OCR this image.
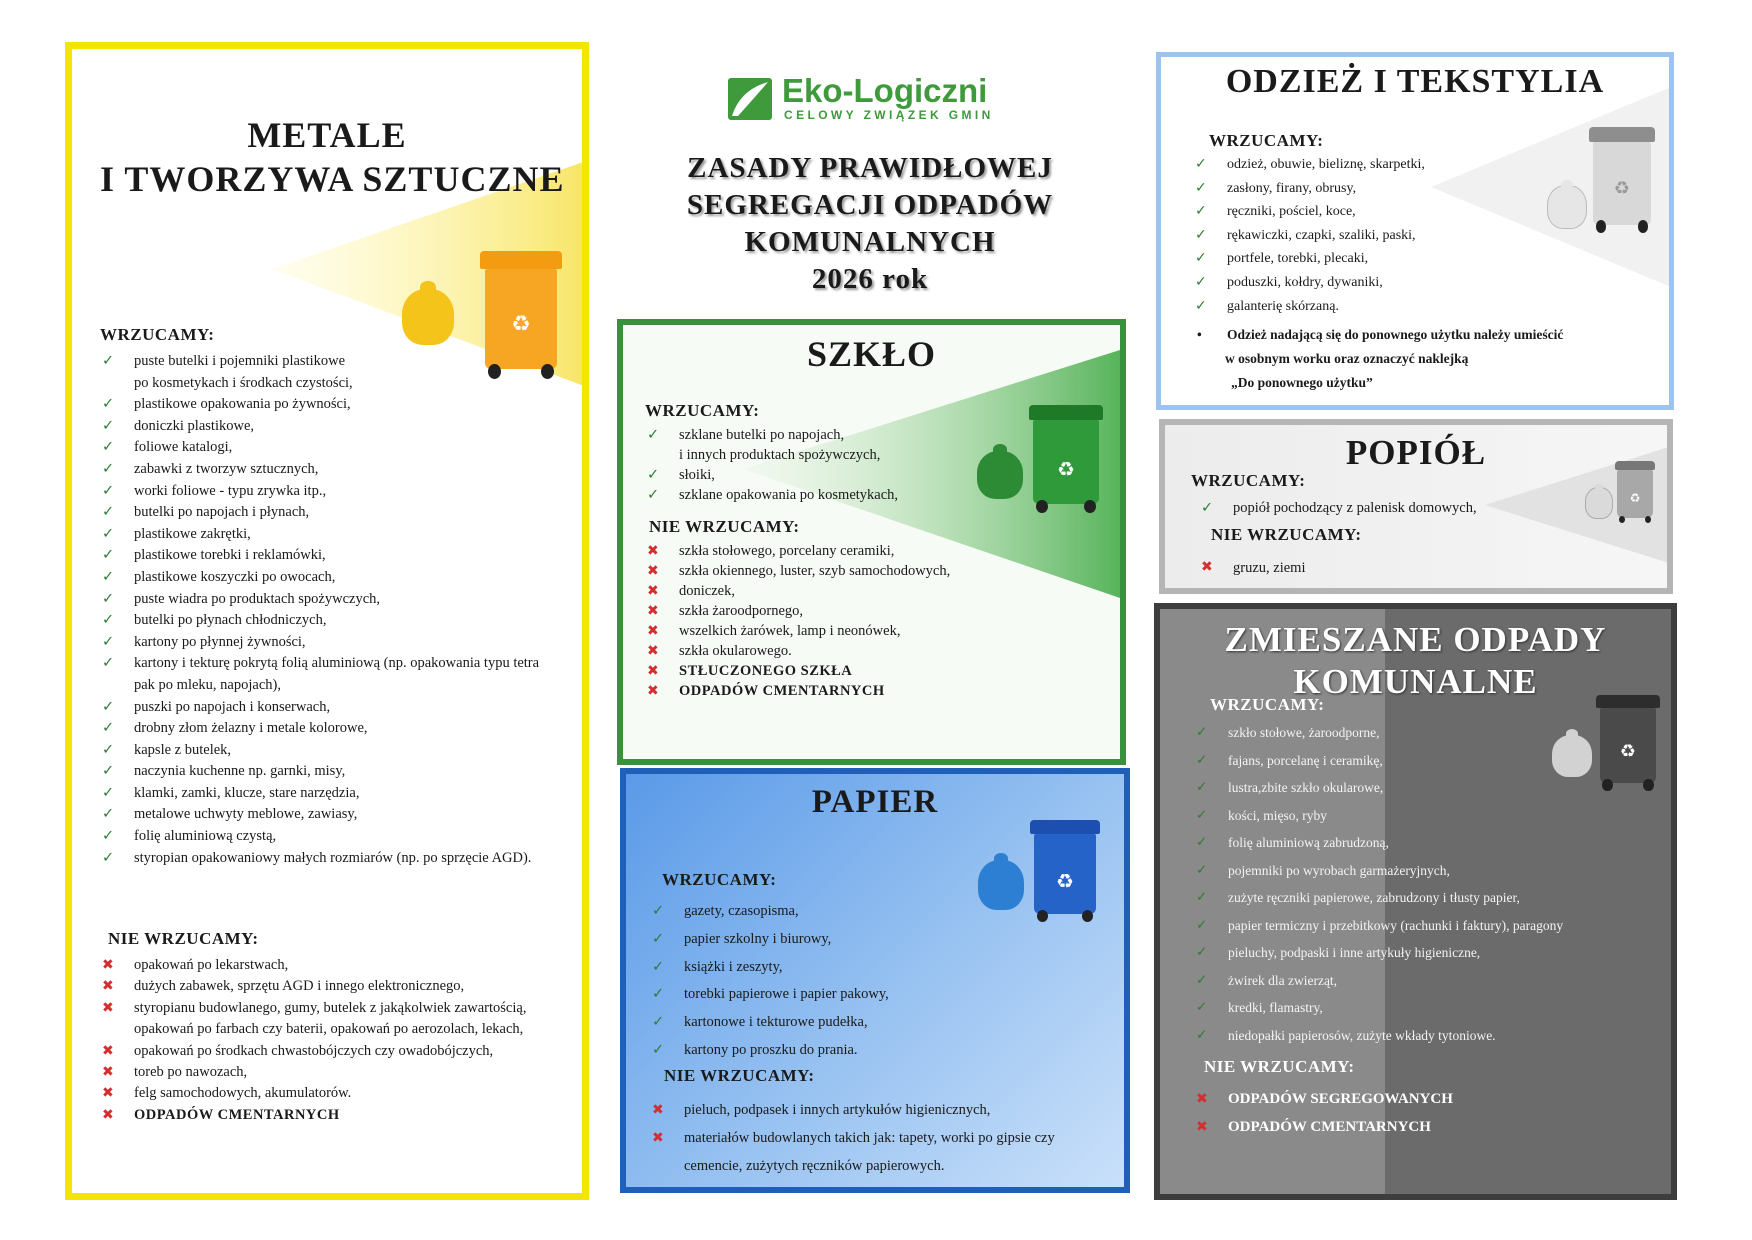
♻
METALE
I TWORZYWA SZTUCZNE
WRZUCAMY:
✓ puste butelki i pojemniki plastikowe
po kosmetykach i środkach czystości,
✓ plastikowe opakowania po żywności,
✓ doniczki plastikowe,
✓ foliowe katalogi,
✓ zabawki z tworzyw sztucznych,
✓ worki foliowe - typu zrywka itp.,
✓ butelki po napojach i płynach,
✓ plastikowe zakrętki,
✓ plastikowe torebki i reklamówki,
✓ plastikowe koszyczki po owocach,
✓ puste wiadra po produktach spożywczych,
✓ butelki po płynach chłodniczych,
✓ kartony po płynnej żywności,
✓ kartony i tekturę pokrytą folią aluminiową (np. opakowania typu tetra
pak po mleku, napojach),
✓ puszki po napojach i konserwach,
✓ drobny złom żelazny i metale kolorowe,
✓ kapsle z butelek,
✓ naczynia kuchenne np. garnki, misy,
✓ klamki, zamki, klucze, stare narzędzia,
✓ metalowe uchwyty meblowe, zawiasy,
✓ folię aluminiową czystą,
✓ styropian opakowaniowy małych rozmiarów (np. po sprzęcie AGD).
NIE WRZUCAMY:
✖ opakowań po lekarstwach,
✖ dużych zabawek, sprzętu AGD i innego elektronicznego,
✖ styropianu budowlanego, gumy, butelek z jakąkolwiek zawartością,
opakowań po farbach czy baterii, opakowań po aerozolach, lekach,
✖ opakowań po środkach chwastobójczych czy owadobójczych,
✖ toreb po nawozach,
✖ felg samochodowych, akumulatorów.
✖ ODPADÓW CMENTARNYCH
Eko-Logiczni
CELOWY ZWIĄZEK GMIN
ZASADY PRAWIDŁOWEJ
SEGREGACJI ODPADÓW
KOMUNALNYCH
2026 rok
♻
SZKŁO
WRZUCAMY:
✓ szklane butelki po napojach,
i innych produktach spożywczych,
✓ słoiki,
✓ szklane opakowania po kosmetykach,
NIE WRZUCAMY:
✖ szkła stołowego, porcelany ceramiki,
✖ szkła okiennego, luster, szyb samochodowych,
✖ doniczek,
✖ szkła żaroodpornego,
✖ wszelkich żarówek, lamp i neonówek,
✖ szkła okularowego.
✖ STŁUCZONEGO SZKŁA
✖ ODPADÓW CMENTARNYCH
♻
PAPIER
WRZUCAMY:
✓ gazety, czasopisma,
✓ papier szkolny i biurowy,
✓ książki i zeszyty,
✓ torebki papierowe i papier pakowy,
✓ kartonowe i tekturowe pudełka,
✓ kartony po proszku do prania.
NIE WRZUCAMY:
✖ pieluch, podpasek i innych artykułów higienicznych,
✖ materiałów budowlanych takich jak: tapety, worki po gipsie czy
cemencie, zużytych ręczników papierowych.
♻
ODZIEŻ I TEKSTYLIA
WRZUCAMY:
✓ odzież, obuwie, bieliznę, skarpetki,
✓ zasłony, firany, obrusy,
✓ ręczniki, pościel, koce,
✓ rękawiczki, czapki, szaliki, paski,
✓ portfele, torebki, plecaki,
✓ poduszki, kołdry, dywaniki,
✓ galanterię skórzaną.
• Odzież nadającą się do ponownego użytku należy umieścić
w osobnym worku oraz oznaczyć naklejką
„Do ponownego użytku”
♻
POPIÓŁ
WRZUCAMY:
✓ popiół pochodzący z palenisk domowych,
NIE WRZUCAMY:
✖ gruzu, ziemi
♻
ZMIESZANE ODPADY
KOMUNALNE
WRZUCAMY:
✓ szkło stołowe, żaroodporne,
✓ fajans, porcelanę i ceramikę,
✓ lustra,zbite szkło okularowe,
✓ kości, mięso, ryby
✓ folię aluminiową zabrudzoną,
✓ pojemniki po wyrobach garmażeryjnych,
✓ zużyte ręczniki papierowe, zabrudzony i tłusty papier,
✓ papier termiczny i przebitkowy (rachunki i faktury), paragony
✓ pieluchy, podpaski i inne artykuły higieniczne,
✓ żwirek dla zwierząt,
✓ kredki, flamastry,
✓ niedopałki papierosów, zużyte wkłady tytoniowe.
NIE WRZUCAMY:
✖ ODPADÓW SEGREGOWANYCH
✖ ODPADÓW CMENTARNYCH
